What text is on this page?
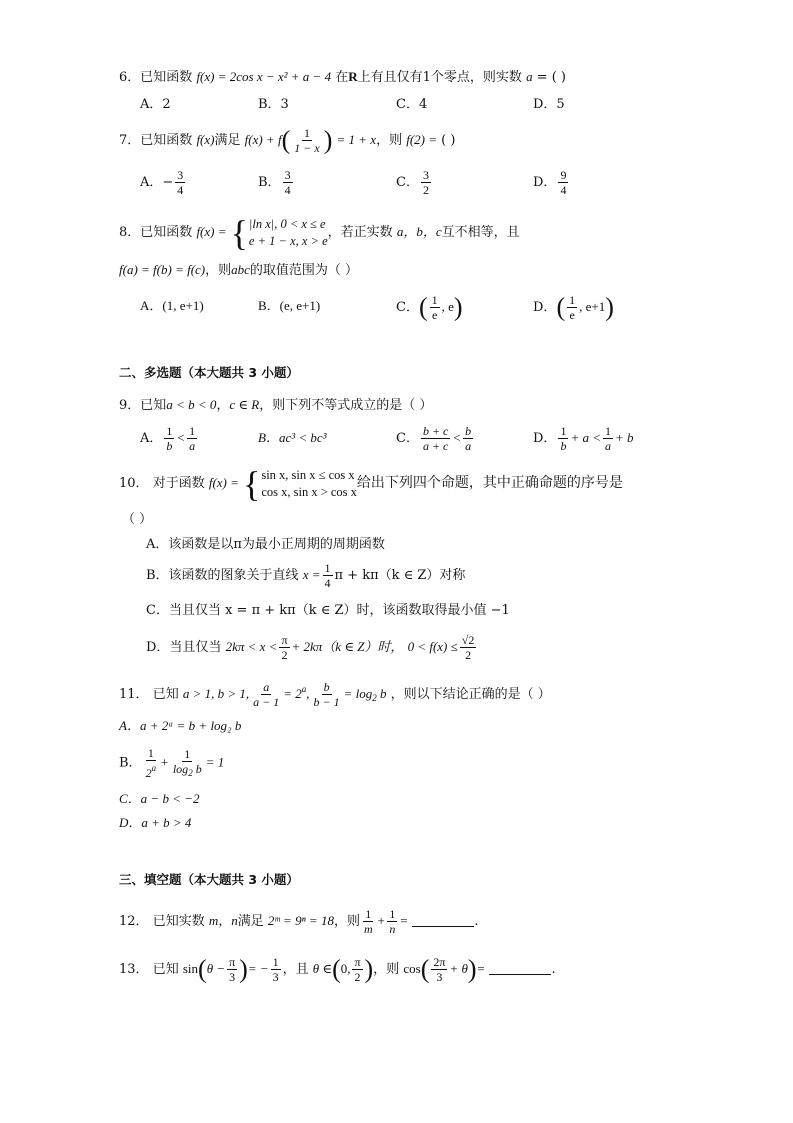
6．已知函数 f(x) = 2cos x − x² + a − 4 在R上有且仅有1个零点，则实数 a = ( )
A．2	B．3	C．4	D．5
7．已知函数 f(x)满足 $f(x) + f( \frac{1}{1 - x}$ ) = 1 + x，则 f(2) = ( )
A．− $\frac{3}{4}$	B． $\frac{3}{4}$	C． $\frac{3}{2}$	D． $\frac{9}{4}$
8．已知函数 f(x) = { |ln x|, 0 < x ≤ e
e + 1 − x, x > e
，若正实数 a，b，c互不相等，且
f(a) = f(b) = f(c)，则abc的取值范围为（ ）
A．(1, e+1)	B．(e, e+1)	C．( $\frac{1}{e}$ , e)	D．( $\frac{1}{e}$ , e+1)
二、多选题（本大题共 3 小题）
9．已知a < b < 0，c ∈ R，则下列不等式成立的是（ ）
A． $\frac{1}{b} < \frac{1}{a}$	B．ac³ < bc³	C． $\frac{b + c}{a + c} < \frac{b}{a}$	D． $\frac{1}{b} + a < \frac{1}{a} + b$
10． 对于函数 f(x) = { sin x, sin x ≤ cos x
cos x, sin x > cos x
给出下列四个命题，其中正确命题的序号是
（ ）
A．该函数是以π为最小正周期的周期函数
B．该函数的图象关于直线 $x = \frac{1}{4}$ π + kπ（k ∈ Z）对称
C．当且仅当 x = π + kπ（k ∈ Z）时，该函数取得最小值 −1
D．当且仅当 $2k\pi < x < \frac{\pi}{2} + 2k\pi(k$ ∈ Z）时， $0 < f(x) \le \frac{√2}{2}$
11． 已知 a > 1, b > 1, $\frac{a}{a - 1} = 2^a$, $\frac{b}{b - 1} = \log_2 b$ ，则以下结论正确的是（ ）
A．a + 2ᵃ = b + log₂ b
B． $\frac{1}{2^a} + \frac{1}{\log_2 b} = 1$
C．a − b < −2
D．a + b > 4
三、填空题（本大题共 3 小题）
12． 已知实数 m，n满足 2ᵐ = 9ⁿ = 18，则 $\frac{1}{m} + \frac{1}{n}$ =	.
13． 已知 $\sin(\theta - \frac{\pi}{3}$ )= − $\frac{1}{3}$ ，且 θ ∈(0, $\frac{\pi}{2}$ )，则 $\cos( \frac{2\pi}{3} + \theta)=$	.
